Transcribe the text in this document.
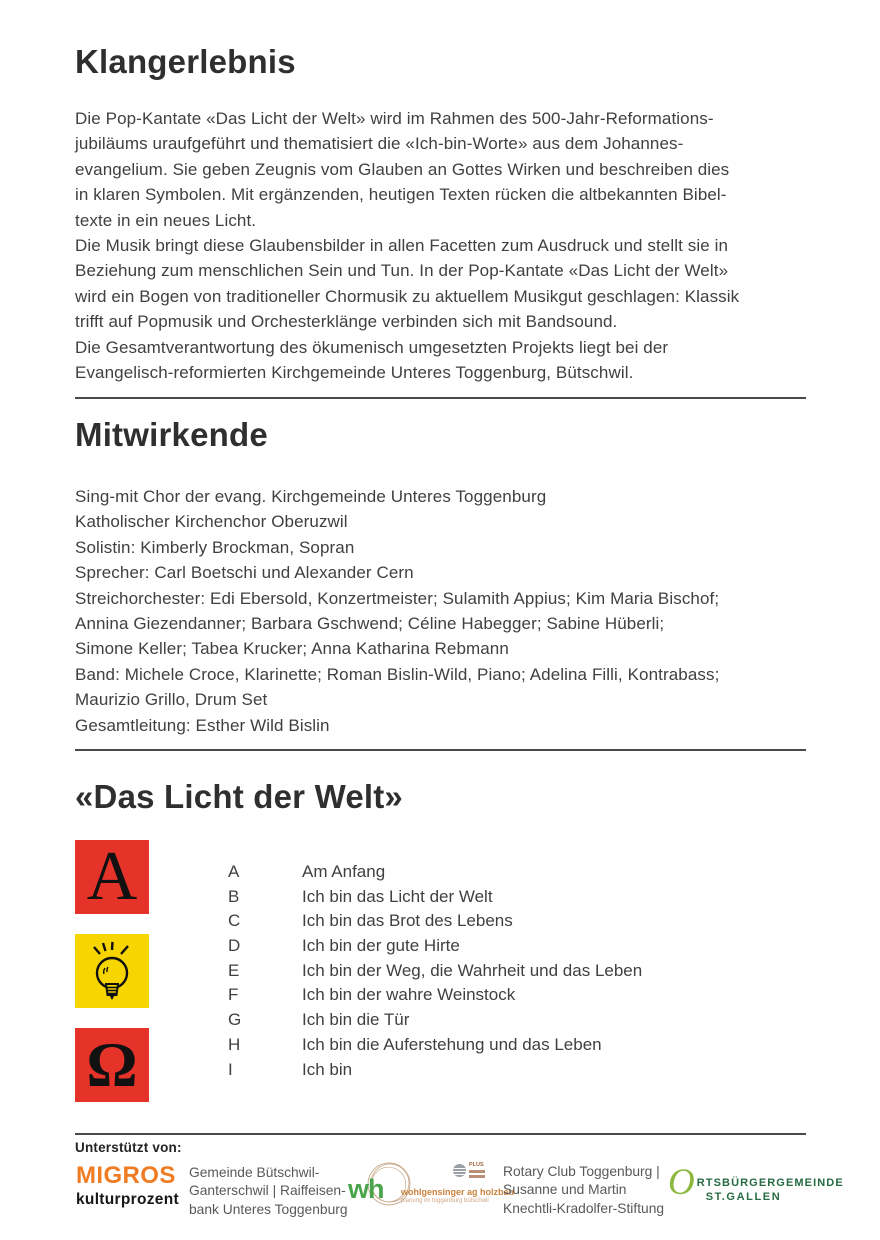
Klangerlebnis
Die Pop-Kantate «Das Licht der Welt» wird im Rahmen des 500-Jahr-Reformations-
jubiläums uraufgeführt und thematisiert die «Ich-bin-Worte» aus dem Johannes-
evangelium. Sie geben Zeugnis vom Glauben an Gottes Wirken und beschreiben dies
in klaren Symbolen. Mit ergänzenden, heutigen Texten rücken die altbekannten Bibel-
texte in ein neues Licht.
Die Musik bringt diese Glaubensbilder in allen Facetten zum Ausdruck und stellt sie in
Beziehung zum menschlichen Sein und Tun. In der Pop-Kantate «Das Licht der Welt»
wird ein Bogen von traditioneller Chormusik zu aktuellem Musikgut geschlagen: Klassik
trifft auf Popmusik und Orchesterklänge verbinden sich mit Bandsound.
Die Gesamtverantwortung des ökumenisch umgesetzten Projekts liegt bei der
Evangelisch-reformierten Kirchgemeinde Unteres Toggenburg, Bütschwil.
Mitwirkende
Sing-mit Chor der evang. Kirchgemeinde Unteres Toggenburg
Katholischer Kirchenchor Oberuzwil
Solistin: Kimberly Brockman, Sopran
Sprecher: Carl Boetschi und Alexander Cern
Streichorchester: Edi Ebersold, Konzertmeister; Sulamith Appius; Kim Maria Bischof;
Annina Giezendanner; Barbara Gschwend; Céline Habegger; Sabine Hüberli;
Simone Keller; Tabea Krucker; Anna Katharina Rebmann
Band: Michele Croce, Klarinette; Roman Bislin-Wild, Piano; Adelina Filli, Kontrabass;
Maurizio Grillo, Drum Set
Gesamtleitung: Esther Wild Bislin
«Das Licht der Welt»
A
Ω
A	Am Anfang
B	Ich bin das Licht der Welt
C	Ich bin das Brot des Lebens
D	Ich bin der gute Hirte
E	Ich bin der Weg, die Wahrheit und das Leben
F	Ich bin der wahre Weinstock
G	Ich bin die Tür
H	Ich bin die Auferstehung und das Leben
I	Ich bin
Unterstützt von:
MIGROS
kulturprozent
Gemeinde Bütschwil-
Ganterschwil | Raiffeisen-
bank Unteres Toggenburg
wh wohlgensinger ag holzbau
planung im toggenburg bütschwil
PLUS Rotary Club Toggenburg |
Susanne und Martin
Knechtli-Kradolfer-Stiftung
O RTSBÜRGERGEMEINDE
ST.GALLEN
